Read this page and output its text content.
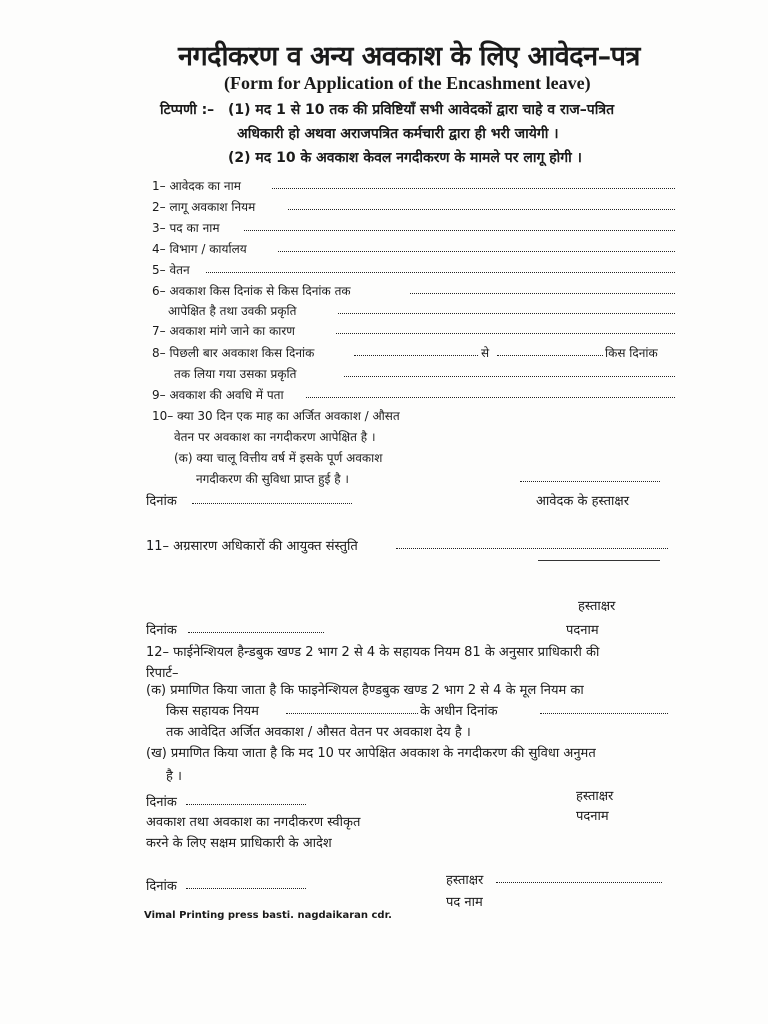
नगदीकरण व अन्य अवकाश के लिए आवेदन–पत्र
(Form for Application of the Encashment leave)
टिप्पणी :– (1) मद 1 से 10 तक की प्रविष्टियाँ सभी आवेदकों द्वारा चाहे व राज–पत्रित
अधिकारी हो अथवा अराजपत्रित कर्मचारी द्वारा ही भरी जायेगी ।
(2) मद 10 के अवकाश केवल नगदीकरण के मामले पर लागू होगी ।
1– आवेदक का नाम
2– लागू अवकाश नियम
3– पद का नाम
4– विभाग / कार्यालय
5– वेतन
6– अवकाश किस दिनांक से किस दिनांक तक
आपेक्षित है तथा उवकी प्रकृति
7– अवकाश मांगे जाने का कारण
8– पिछली बार अवकाश किस दिनांक	से	किस दिनांक
तक लिया गया उसका प्रकृति
9– अवकाश की अवधि में पता
10– क्या 30 दिन एक माह का अर्जित अवकाश / औसत
वेतन पर अवकाश का नगदीकरण आपेक्षित है ।
(क) क्या चालू वित्तीय वर्ष में इसके पूर्ण अवकाश
नगदीकरण की सुविधा प्राप्त हुई है ।
दिनांक	आवेदक के हस्ताक्षर
11– अग्रसारण अधिकारों की आयुक्त संस्तुति
हस्ताक्षर
दिनांक	पदनाम
12– फाईनेन्शियल हैन्डबुक खण्ड 2 भाग 2 से 4 के सहायक नियम 81 के अनुसार प्राधिकारी की
रिपार्ट–
(क) प्रमाणित किया जाता है कि फाइनेन्शियल हैण्डबुक खण्ड 2 भाग 2 से 4 के मूल नियम का
किस सहायक नियम	के अधीन दिनांक
तक आवेदित अर्जित अवकाश / औसत वेतन पर अवकाश देय है ।
(ख) प्रमाणित किया जाता है कि मद 10 पर आपेक्षित अवकाश के नगदीकरण की सुविधा अनुमत
है ।
हस्ताक्षर
दिनांक
पदनाम
अवकाश तथा अवकाश का नगदीकरण स्वीकृत
करने के लिए सक्षम प्राधिकारी के आदेश
दिनांक	हस्ताक्षर
पद नाम
Vimal Printing press basti. nagdaikaran cdr.
